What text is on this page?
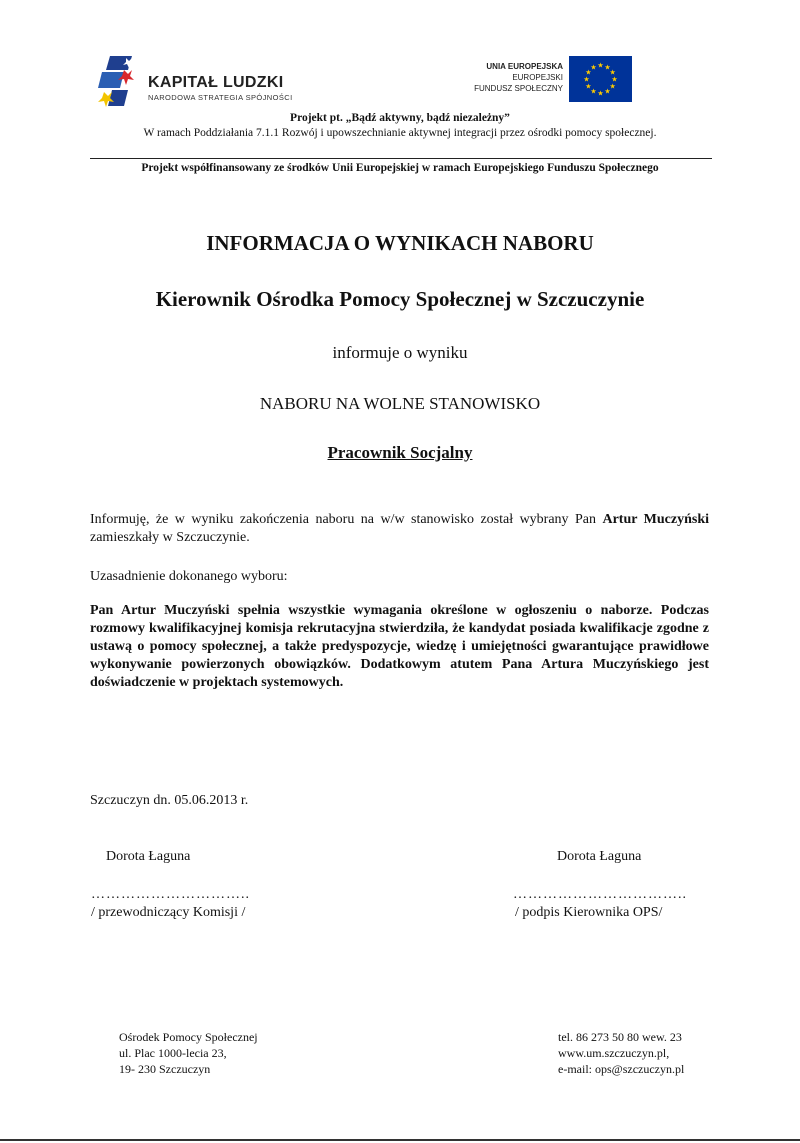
KAPITAŁ LUDZKI
NARODOWA STRATEGIA SPÓJNOŚCI
UNIA EUROPEJSKA
EUROPEJSKI
FUNDUSZ SPOŁECZNY
★ ★
★
★
★
★
★
★
★
★
★
★
Projekt pt. „Bądź aktywny, bądź niezależny”
W ramach Poddziałania 7.1.1 Rozwój i upowszechnianie aktywnej integracji przez ośrodki pomocy społecznej.
Projekt współfinansowany ze środków Unii Europejskiej w ramach Europejskiego Funduszu Społecznego
INFORMACJA O WYNIKACH NABORU
Kierownik Ośrodka Pomocy Społecznej w Szczuczynie
informuje o wyniku
NABORU NA WOLNE STANOWISKO
Pracownik Socjalny
Informuję, że w wyniku zakończenia naboru na w/w stanowisko został wybrany Pan Artur Muczyński zamieszkały w Szczuczynie.
Uzasadnienie dokonanego wyboru:
Pan Artur Muczyński spełnia wszystkie wymagania określone w ogłoszeniu o naborze. Podczas rozmowy kwalifikacyjnej komisja rekrutacyjna stwierdziła, że kandydat posiada kwalifikacje zgodne z ustawą o pomocy społecznej, a także predyspozycje, wiedzę i umiejętności gwarantujące prawidłowe wykonywanie powierzonych obowiązków. Dodatkowym atutem Pana Artura Muczyńskiego jest doświadczenie w projektach systemowych.
Szczuczyn dn. 05.06.2013 r.
Dorota Łaguna	Dorota Łaguna
…………………………..	……………………………..
/ przewodniczący Komisji /	/ podpis Kierownika OPS/
Ośrodek Pomocy Społecznej
ul. Plac 1000-lecia 23,
19- 230 Szczuczyn
tel. 86 273 50 80 wew. 23
www.um.szczuczyn.pl,
e-mail: ops@szczuczyn.pl
